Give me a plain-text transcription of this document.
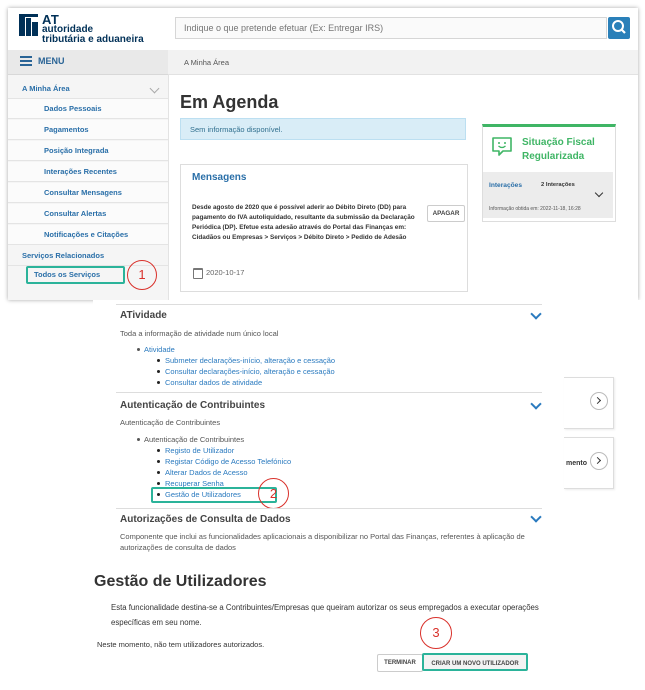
AT
autoridade
tributária e aduaneira
Indique o que pretende efetuar (Ex: Entregar IRS)
MENU
A Minha Área
Dados Pessoais
Pagamentos
Posição Integrada
Interações Recentes
Consultar Mensagens
Consultar Alertas
Notificações e Citações
Serviços Relacionados
Todos os Serviços	1
A Minha Área
Em Agenda
Sem informação disponível.
Mensagens
Desde agosto de 2020 que é possível aderir ao Débito Direto (DD) para pagamento do IVA autoliquidado, resultante da submissão da Declaração Periódica (DP). Efetue esta adesão através do Portal das Finanças em: Cidadãos ou Empresas > Serviços > Débito Direto > Pedido de Adesão
APAGAR
2020-10-17
Situação Fiscal
Regularizada
Interações	2 Interações
Informação obtida em: 2022-11-18, 16:28
ATividade
Toda a informação de atividade num único local
Atividade
Submeter declarações-início, alteração e cessação
Consultar declarações-início, alteração e cessação
Consultar dados de atividade
Autenticação de Contribuintes
Autenticação de Contribuintes
Autenticação de Contribuintes
Registo de Utilizador
Registar Código de Acesso Telefónico
Alterar Dados de Acesso
Recuperar Senha
Gestão de Utilizadores	2
Autorizações de Consulta de Dados
Componente que inclui as funcionalidades aplicacionais a disponibilizar no Portal das Finanças, referentes à aplicação de autorizações de consulta de dados
mento
Gestão de Utilizadores
Esta funcionalidade destina-se a Contribuintes/Empresas que queiram autorizar os seus empregados a executar operações específicas em seu nome.
Neste momento, não tem utilizadores autorizados.
3
TERMINAR	CRIAR UM NOVO UTILIZADOR
